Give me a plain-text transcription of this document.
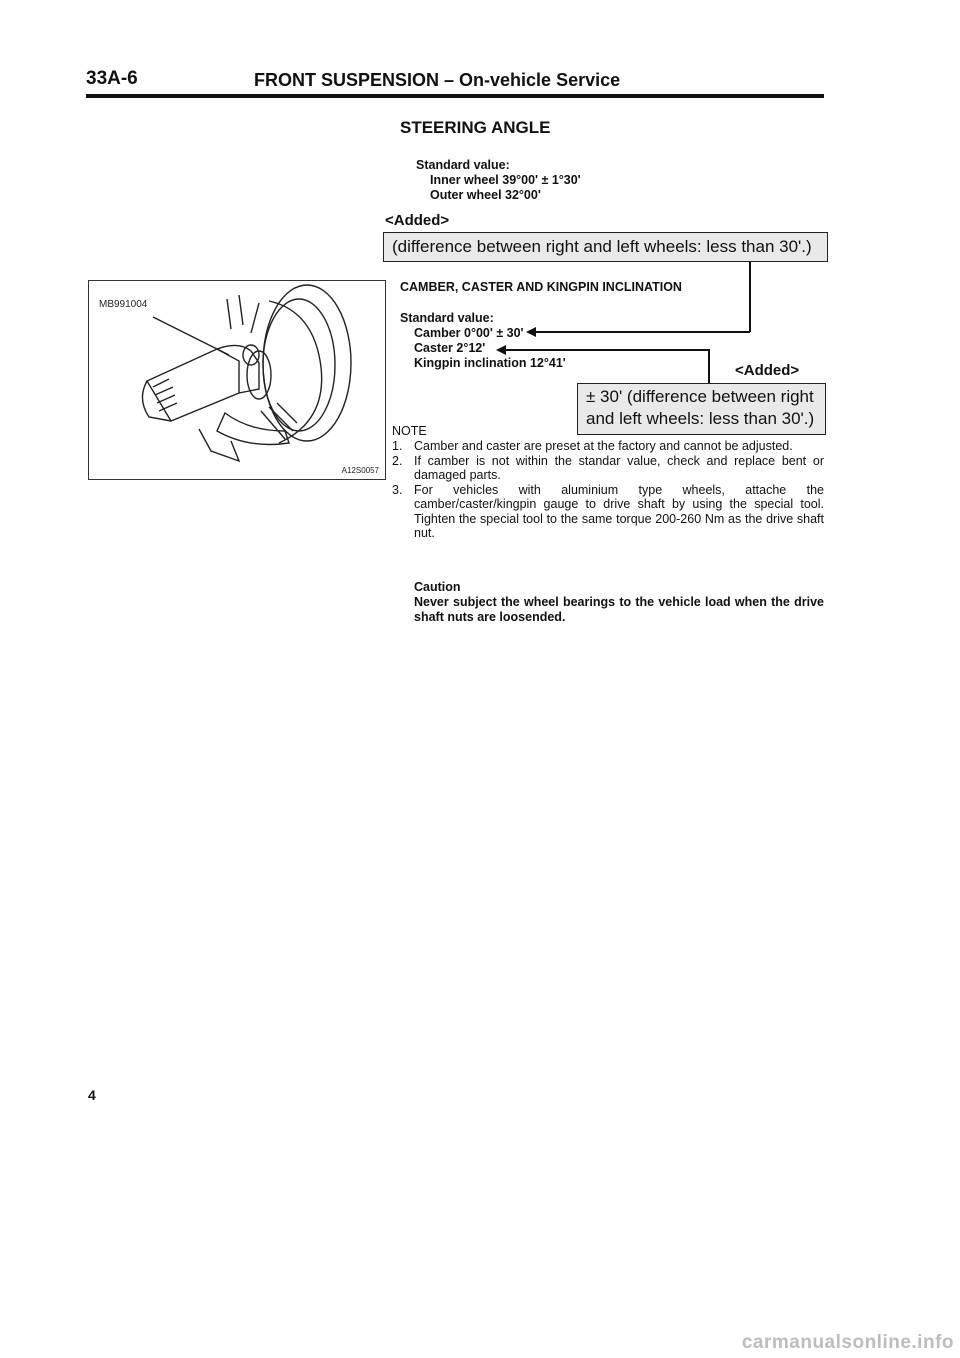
33A-6	FRONT SUSPENSION – On-vehicle Service
STEERING ANGLE
Standard value:
Inner wheel 39°00' ± 1°30'
Outer wheel 32°00'
<Added>
(difference between right and left wheels: less than 30'.)
MB991004
A12S0057
CAMBER, CASTER AND KINGPIN INCLINATION
Standard value:
Camber 0°00' ± 30'
Caster 2°12'
Kingpin inclination 12°41'	<Added>
± 30' (difference between right
and left wheels: less than 30'.)
NOTE
1. Camber and caster are preset at the factory and cannot be adjusted.
2. If camber is not within the standar value, check and replace bent or damaged parts.
3. For vehicles with aluminium type wheels, attache the camber/caster/kingpin gauge to drive shaft by using the special tool. Tighten the special tool to the same torque 200-260 Nm as the drive shaft nut.
Caution
Never subject the wheel bearings to the vehicle load when the drive shaft nuts are loosended.
4
carmanualsonline.info
